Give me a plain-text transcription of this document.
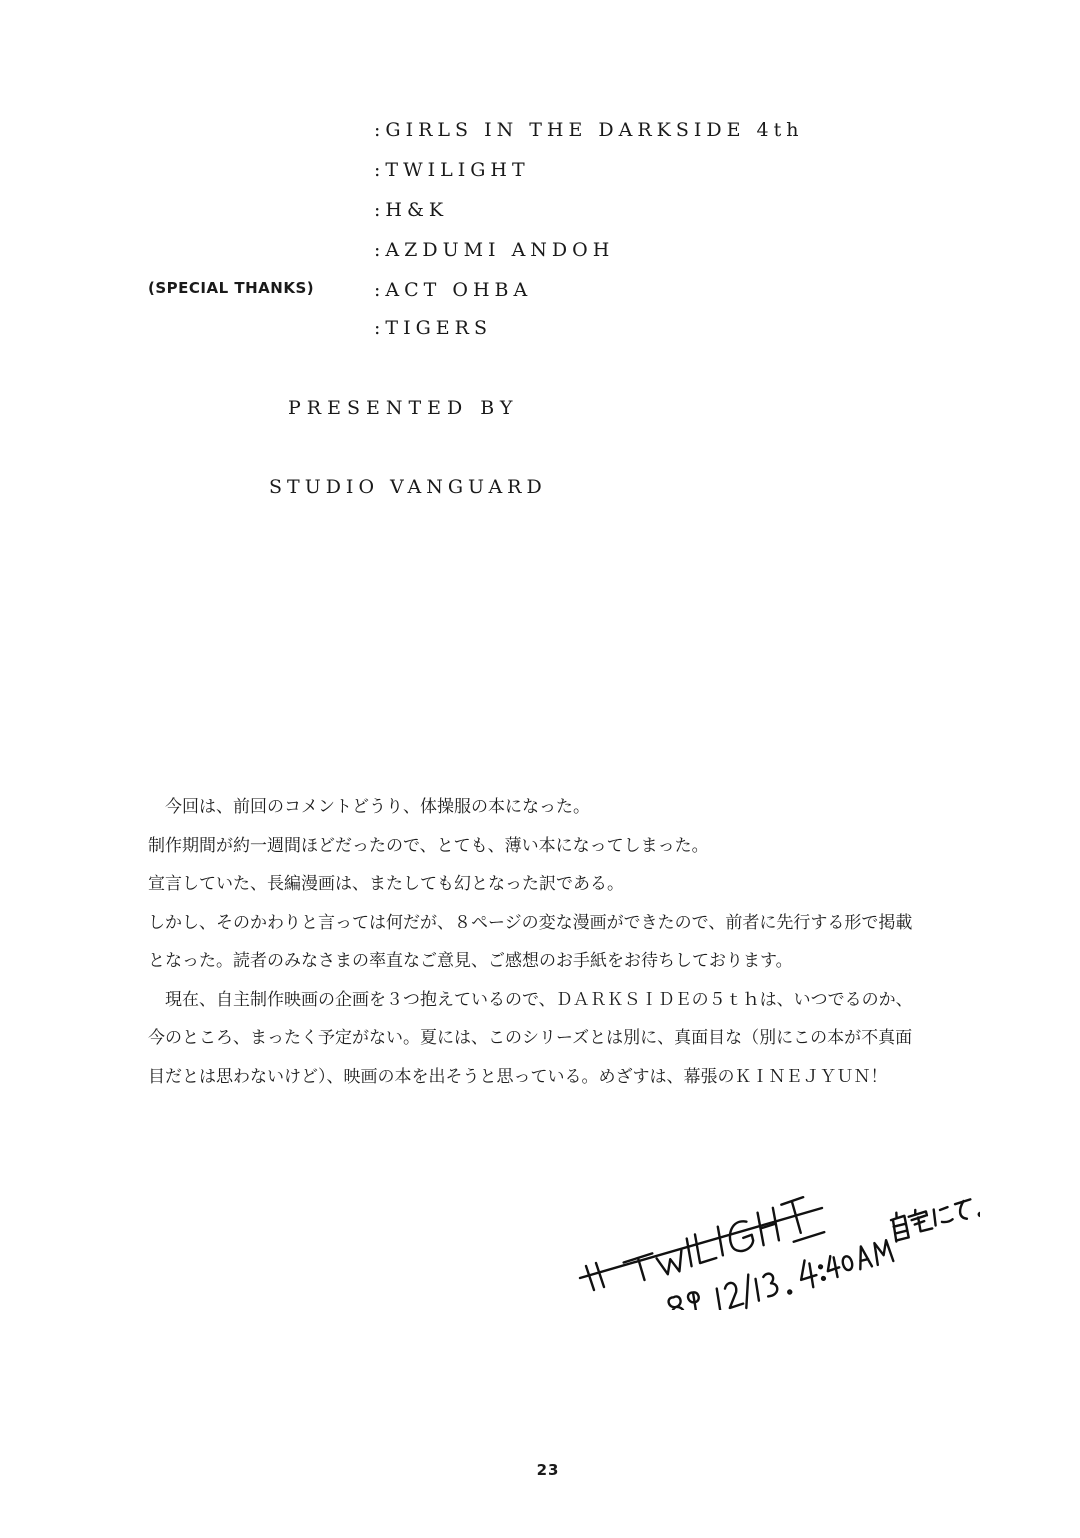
:GIRLS IN THE DARKSIDE 4th
:TWILIGHT
:H&K
:AZDUMI ANDOH
(SPECIAL THANKS)	:ACT OHBA
:TIGERS
PRESENTED BY
STUDIO VANGUARD

　今回は、前回のコメントどうり、体操服の本になった。

制作期間が約一週間ほどだったので、とても、薄い本になってしまった。

宣言していた、長編漫画は、またしても幻となった訳である。

しかし、そのかわりと言っては何だが、８ページの変な漫画ができたので、前者に先行する形で掲載

となった。読者のみなさまの率直なご意見、ご感想のお手紙をお待ちしております。

　現在、自主制作映画の企画を３つ抱えているので、ＤＡＲＫＳＩＤＥの５ｔｈは、いつでるのか、

今のところ、まったく予定がない。夏には、このシリーズとは別に、真面目な（別にこの本が不真面

目だとは思わないけど）、映画の本を出そうと思っている。めざすは、幕張のＫＩＮＥＪＹＵＮ！

23
